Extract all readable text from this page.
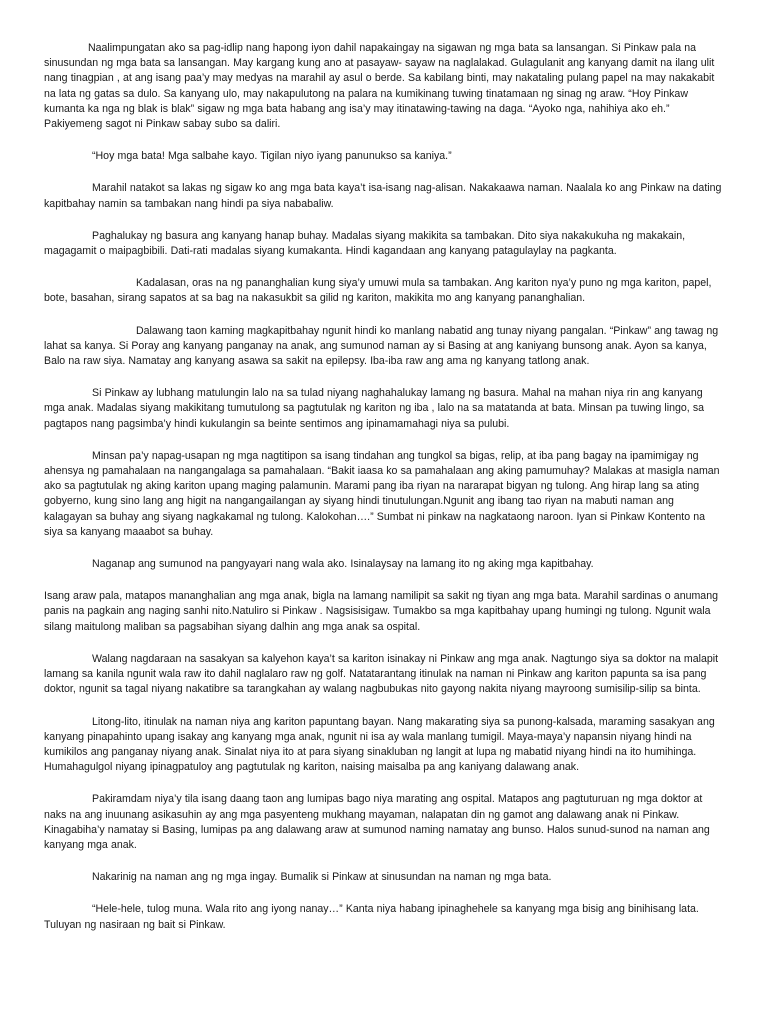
Naalimpungatan ako sa pag-idlip nang hapong iyon dahil napakaingay na sigawan ng mga bata sa lansangan. Si Pinkaw pala na sinusundan ng mga bata sa lansangan. May kargang kung ano at pasayaw- sayaw na naglalakad. Gulagulanit ang kanyang damit na ilang ulit nang tinagpian , at ang isang paa’y may medyas na marahil ay asul o berde. Sa kabilang binti, may nakataling pulang papel na may nakakabit na lata ng gatas sa dulo. Sa kanyang ulo, may nakapulutong na palara na kumikinang tuwing tinatamaan ng sinag ng araw. “Hoy Pinkaw kumanta ka nga ng blak is blak” sigaw ng mga bata habang ang isa’y may itinatawing-tawing na daga. “Ayoko nga, nahihiya ako eh.” Pakiyemeng sagot ni Pinkaw sabay subo sa daliri.

“Hoy mga bata! Mga salbahe kayo. Tigilan niyo iyang panunukso sa kaniya.”

Marahil natakot sa lakas ng sigaw ko ang mga bata kaya’t isa-isang nag-alisan. Nakakaawa naman. Naalala ko ang Pinkaw na dating kapitbahay namin sa tambakan nang hindi pa siya nababaliw.

Paghalukay ng basura ang kanyang hanap buhay. Madalas siyang makikita sa tambakan. Dito siya nakakukuha ng makakain, magagamit o maipagbibili. Dati-rati madalas siyang kumakanta. Hindi kagandaan ang kanyang patagulaylay na pagkanta.

Kadalasan, oras na ng pananghalian kung siya’y umuwi mula sa tambakan. Ang kariton nya’y puno ng mga kariton, papel, bote, basahan, sirang sapatos at sa bag na nakasukbit sa gilid ng kariton, makikita mo ang kanyang pananghalian.

Dalawang taon kaming magkapitbahay ngunit hindi ko manlang nabatid ang tunay niyang pangalan. “Pinkaw” ang tawag ng lahat sa kanya. Si Poray ang kanyang panganay na anak, ang sumunod naman ay si Basing at ang kaniyang bunsong anak. Ayon sa kanya, Balo na raw siya. Namatay ang kanyang asawa sa sakit na epilepsy. Iba-iba raw ang ama ng kanyang tatlong anak.

Si Pinkaw ay lubhang matulungin lalo na sa tulad niyang naghahalukay lamang ng basura. Mahal na mahan niya rin ang kanyang mga anak. Madalas siyang makikitang tumutulong sa pagtutulak ng kariton ng iba , lalo na sa matatanda at bata. Minsan pa tuwing lingo, sa pagtapos nang pagsimba’y hindi kukulangin sa beinte sentimos ang ipinamamahagi niya sa pulubi.

Minsan pa’y napag-usapan ng mga nagtitipon sa isang tindahan ang tungkol sa bigas, relip, at iba pang bagay na ipamimigay ng ahensya ng pamahalaan na nangangalaga sa pamahalaan. “Bakit iaasa ko sa pamahalaan ang aking pamumuhay? Malakas at masigla naman ako sa pagtutulak ng aking kariton upang maging palamunin. Marami pang iba riyan na nararapat bigyan ng tulong. Ang hirap lang sa ating gobyerno, kung sino lang ang higit na nangangailangan ay siyang hindi tinutulungan.Ngunit ang ibang tao riyan na mabuti naman ang kalagayan sa buhay ang siyang nagkakamal ng tulong. Kalokohan….” Sumbat ni pinkaw na nagkataong naroon. Iyan si Pinkaw Kontento na siya sa kanyang maaabot sa buhay.

Naganap ang sumunod na pangyayari nang wala ako. Isinalaysay na lamang ito ng aking mga kapitbahay.

Isang araw pala, matapos mananghalian ang mga anak, bigla na lamang namilipit sa sakit ng tiyan ang mga bata. Marahil sardinas o anumang panis na pagkain ang naging sanhi nito.Natuliro si Pinkaw . Nagsisisigaw. Tumakbo sa mga kapitbahay upang humingi ng tulong. Ngunit wala silang maitulong maliban sa pagsabihan siyang dalhin ang mga anak sa ospital.

Walang nagdaraan na sasakyan sa kalyehon kaya’t sa kariton isinakay ni Pinkaw ang mga anak. Nagtungo siya sa doktor na malapit lamang sa kanila ngunit wala raw ito dahil naglalaro raw ng golf. Natatarantang itinulak na naman ni Pinkaw ang kariton papunta sa isa pang doktor, ngunit sa tagal niyang nakatibre sa tarangkahan ay walang nagbubukas nito gayong nakita niyang mayroong sumisilip-silip sa binta.

Litong-lito, itinulak na naman niya ang kariton papuntang bayan. Nang makarating siya sa punong-kalsada, maraming sasakyan ang kanyang pinapahinto upang isakay ang kanyang mga anak, ngunit ni isa ay wala manlang tumigil. Maya-maya’y napansin niyang hindi na kumikilos ang panganay niyang anak. Sinalat niya ito at para siyang sinakluban ng langit at lupa ng mabatid niyang hindi na ito humihinga. Humahagulgol niyang ipinagpatuloy ang pagtutulak ng kariton, naising maisalba pa ang kaniyang dalawang anak.

Pakiramdam niya’y tila isang daang taon ang lumipas bago niya marating ang ospital. Matapos ang pagtuturuan ng mga doktor at naks na ang inuunang asikasuhin ay ang mga pasyenteng mukhang mayaman, nalapatan din ng gamot ang dalawang anak ni Pinkaw. Kinagabiha’y namatay si Basing, lumipas pa ang dalawang araw at sumunod naming namatay ang bunso. Halos sunud-sunod na naman ang kanyang mga anak.

Nakarinig na naman ang ng mga ingay. Bumalik si Pinkaw at sinusundan na naman ng mga bata.

“Hele-hele, tulog muna. Wala rito ang iyong nanay…” Kanta niya habang ipinaghehele sa kanyang mga bisig ang binihisang lata. Tuluyan ng nasiraan ng bait si Pinkaw.
